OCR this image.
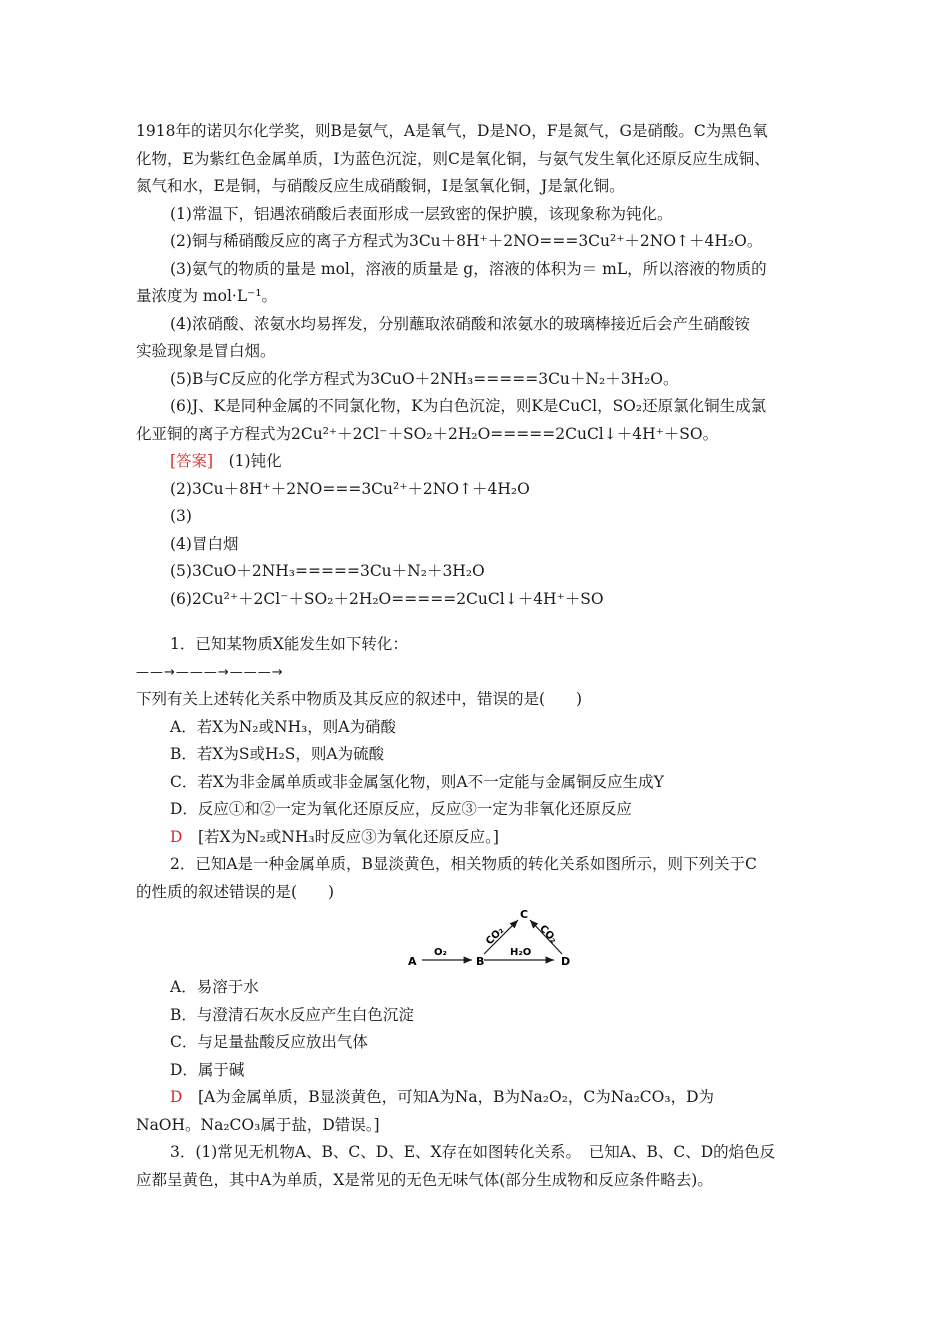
1918年的诺贝尔化学奖，则B是氨气，A是氧气，D是NO，F是氮气，G是硝酸。C为黑色氧
化物，E为紫红色金属单质，I为蓝色沉淀，则C是氧化铜，与氨气发生氧化还原反应生成铜、
氮气和水，E是铜，与硝酸反应生成硝酸铜，I是氢氧化铜，J是氯化铜。
(1)常温下，铝遇浓硝酸后表面形成一层致密的保护膜，该现象称为钝化。
(2)铜与稀硝酸反应的离子方程式为3Cu＋8H⁺＋2NO===3Cu²⁺＋2NO↑＋4H₂O。
(3)氨气的物质的量是 mol，溶液的质量是 g，溶液的体积为＝ mL，所以溶液的物质的
量浓度为 mol·L⁻¹。
(4)浓硝酸、浓氨水均易挥发，分别蘸取浓硝酸和浓氨水的玻璃棒接近后会产生硝酸铵
实验现象是冒白烟。
(5)B与C反应的化学方程式为3CuO＋2NH₃=====3Cu＋N₂＋3H₂O。
(6)J、K是同种金属的不同氯化物，K为白色沉淀，则K是CuCl，SO₂还原氯化铜生成氯
化亚铜的离子方程式为2Cu²⁺＋2Cl⁻＋SO₂＋2H₂O=====2CuCl↓＋4H⁺＋SO。
[答案]　 (1)钝化
(2)3Cu＋8H⁺＋2NO===3Cu²⁺＋2NO↑＋4H₂O
(3)
(4)冒白烟
(5)3CuO＋2NH₃=====3Cu＋N₂＋3H₂O
(6)2Cu²⁺＋2Cl⁻＋SO₂＋2H₂O=====2CuCl↓＋4H⁺＋SO
1．已知某物质X能发生如下转化：
——→———→———→
下列有关上述转化关系中物质及其反应的叙述中，错误的是(　　)
A．若X为N₂或NH₃，则A为硝酸
B．若X为S或H₂S，则A为硫酸
C．若X为非金属单质或非金属氢化物，则A不一定能与金属铜反应生成Y
D．反应①和②一定为氧化还原反应，反应③一定为非氧化还原反应
D　 [若X为N₂或NH₃时反应③为氧化还原反应。]
2．已知A是一种金属单质，B显淡黄色，相关物质的转化关系如图所示，则下列关于C
的性质的叙述错误的是(　　)
A	B
C
D
O₂	H₂O
CO₂	CO₂
A．易溶于水
B．与澄清石灰水反应产生白色沉淀
C．与足量盐酸反应放出气体
D．属于碱
D　 [A为金属单质，B显淡黄色，可知A为Na，B为Na₂O₂，C为Na₂CO₃，D为
NaOH。Na₂CO₃属于盐，D错误。]
3．(1)常见无机物A、B、C、D、E、X存在如图转化关系。　已知A、B、C、D的焰色反
应都呈黄色，其中A为单质，X是常见的无色无味气体(部分生成物和反应条件略去)。
